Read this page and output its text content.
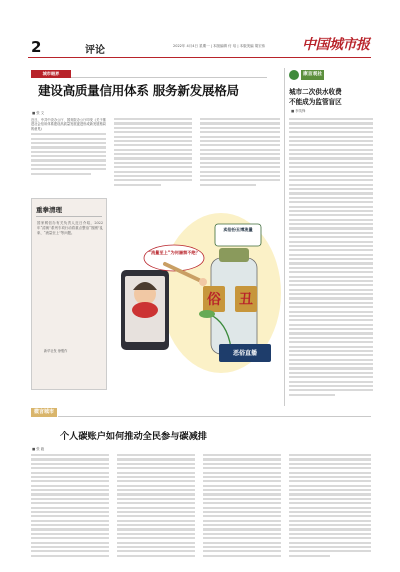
2	评论	2022年 4月4日 星期一 | 本版编辑 付 培 | 本版美编 胡宏伟	中国城市报
城市眼界
建设高质量信用体系 服务新发展格局
■ 张 文

近日，中共中央办公厅、国务院办公厅印发《关于推进社会信用体系建设高质量发展促进形成新发展格局的意见》

重拳清理
国家网信办有关负责人近日介绍，2022年“清朗”系列专项行动将重点整治“饭圈”乱象、“流量至上”等问题。
新华社发 徐骏作
“流量至上”为何屡禁不绝？
卖俗扮丑博流量
俗 丑
恶俗直播
康言观社
城市二次供水收费
不能成为监管盲区
■ 李英锋
微言城市
个人碳账户如何推动全民参与碳减排
■ 张 毅
